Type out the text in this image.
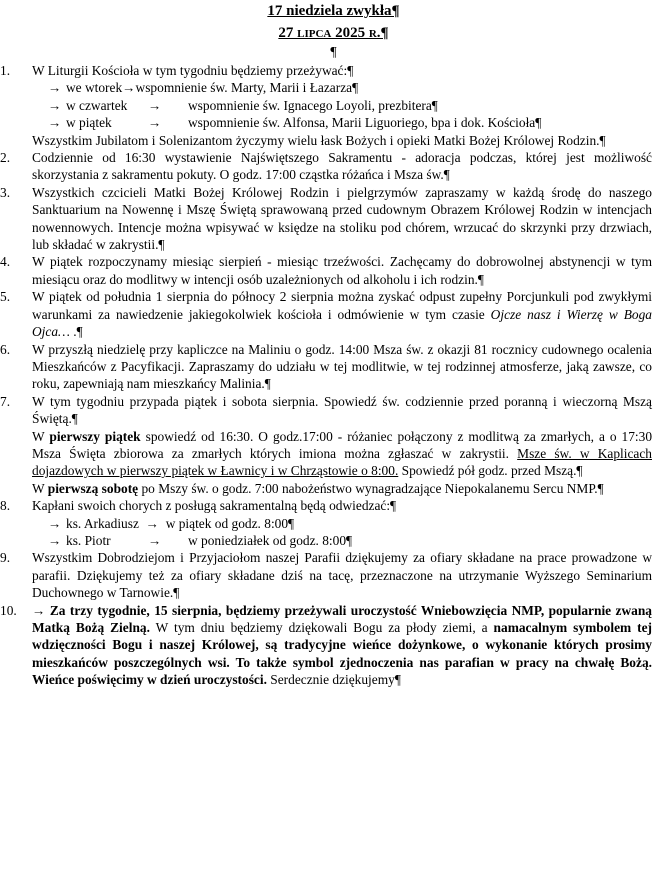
17 niedziela zwykła¶
27 lipca 2025 r.¶
¶
1.	W Liturgii Kościoła w tym tygodniu będziemy przeżywać:¶
→ we wtorek→wspomnienie św. Marty, Marii i Łazarza¶
→ w czwartek → wspomnienie św. Ignacego Loyoli, prezbitera¶
→ w piątek	→ wspomnienie św. Alfonsa, Marii Liguoriego, bpa i dok. Kościoła¶
Wszystkim Jubilatom i Solenizantom życzymy wielu łask Bożych i opieki Matki Bożej Królowej Rodzin.¶
2.	Codziennie od 16:30 wystawienie Najświętszego Sakramentu - adoracja podczas, której jest możliwość skorzystania z sakramentu pokuty. O godz. 17:00 cząstka różańca i Msza św.¶
3.	Wszystkich czcicieli Matki Bożej Królowej Rodzin i pielgrzymów zapraszamy w każdą środę do naszego Sanktuarium na Nowennę i Mszę Świętą sprawowaną przed cudownym Obrazem Królowej Rodzin w intencjach nowennowych. Intencje można wpisywać w księdze na stoliku pod chórem, wrzucać do skrzynki przy drzwiach, lub składać w zakrystii.¶
4.	W piątek rozpoczynamy miesiąc sierpień - miesiąc trzeźwości. Zachęcamy do dobrowolnej abstynencji w tym miesiącu oraz do modlitwy w intencji osób uzależnionych od alkoholu i ich rodzin.¶
5.	W piątek od południa 1 sierpnia do północy 2 sierpnia można zyskać odpust zupełny Porcjunkuli pod zwykłymi warunkami za nawiedzenie jakiegokolwiek kościoła i odmówienie w tym czasie Ojcze nasz i Wierzę w Boga Ojca… .¶
6.	W przyszłą niedzielę przy kapliczce na Maliniu o godz. 14:00 Msza św. z okazji 81 rocznicy cudownego ocalenia Mieszkańców z Pacyfikacji. Zapraszamy do udziału w tej modlitwie, w tej rodzinnej atmosferze, jaką zawsze, co roku, zapewniają nam mieszkańcy Malinia.¶
7.	W tym tygodniu przypada piątek i sobota sierpnia. Spowiedź św. codziennie przed poranną i wieczorną Mszą Świętą.¶
W pierwszy piątek spowiedź od 16:30. O godz.17:00 - różaniec połączony z modlitwą za zmarłych, a o 17:30 Msza Święta zbiorowa za zmarłych których imiona można zgłaszać w zakrystii. Msze św. w Kaplicach dojazdowych w pierwszy piątek w Ławnicy i w Chrząstowie o 8:00. Spowiedź pół godz. przed Mszą.¶
W pierwszą sobotę po Mszy św. o godz. 7:00 nabożeństwo wynagradzające Niepokalanemu Sercu NMP.¶
8.	Kapłani swoich chorych z posługą sakramentalną będą odwiedzać:¶
→ ks. Arkadiusz → w piątek od godz. 8:00¶
→ ks. Piotr	→ w poniedziałek od godz. 8:00¶
9.	Wszystkim Dobrodziejom i Przyjaciołom naszej Parafii dziękujemy za ofiary składane na prace prowadzone w parafii. Dziękujemy też za ofiary składane dziś na tacę, przeznaczone na utrzymanie Wyższego Seminarium Duchownego w Tarnowie.¶
10.	→ Za trzy tygodnie, 15 sierpnia, będziemy przeżywali uroczystość Wniebowzięcia NMP, popularnie zwaną Matką Bożą Zielną. W tym dniu będziemy dziękowali Bogu za płody ziemi, a namacalnym symbolem tej wdzięczności Bogu i naszej Królowej, są tradycyjne wieńce dożynkowe, o wykonanie których prosimy mieszkańców poszczególnych wsi. To także symbol zjednoczenia nas parafian w pracy na chwałę Bożą. Wieńce poświęcimy w dzień uroczystości. Serdecznie dziękujemy¶
